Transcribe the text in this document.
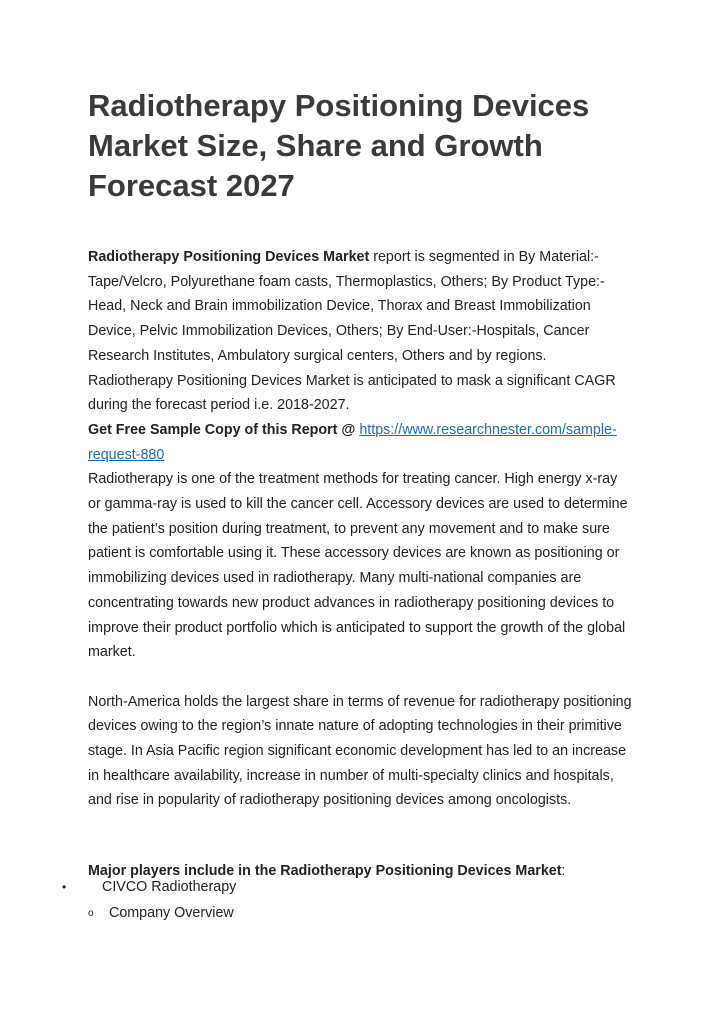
Radiotherapy Positioning Devices Market Size, Share and Growth Forecast 2027

Radiotherapy Positioning Devices Market report is segmented in By Material:-Tape/Velcro, Polyurethane foam casts, Thermoplastics, Others; By Product Type:-Head, Neck and Brain immobilization Device, Thorax and Breast Immobilization Device, Pelvic Immobilization Devices, Others; By End-User:-Hospitals, Cancer Research Institutes, Ambulatory surgical centers, Others and by regions. Radiotherapy Positioning Devices Market is anticipated to mask a significant CAGR during the forecast period i.e. 2018-2027.

Get Free Sample Copy of this Report @ https://www.researchnester.com/sample-request-880

Radiotherapy is one of the treatment methods for treating cancer. High energy x-ray or gamma-ray is used to kill the cancer cell. Accessory devices are used to determine the patient’s position during treatment, to prevent any movement and to make sure patient is comfortable using it. These accessory devices are known as positioning or immobilizing devices used in radiotherapy. Many multi-national companies are concentrating towards new product advances in radiotherapy positioning devices to improve their product portfolio which is anticipated to support the growth of the global market.

North-America holds the largest share in terms of revenue for radiotherapy positioning devices owing to the region’s innate nature of adopting technologies in their primitive stage. In Asia Pacific region significant economic development has led to an increase in healthcare availability, increase in number of multi-specialty clinics and hospitals, and rise in popularity of radiotherapy positioning devices among oncologists.

Major players include in the Radiotherapy Positioning Devices Market:
•	CIVCO Radiotherapy
o Company Overview
